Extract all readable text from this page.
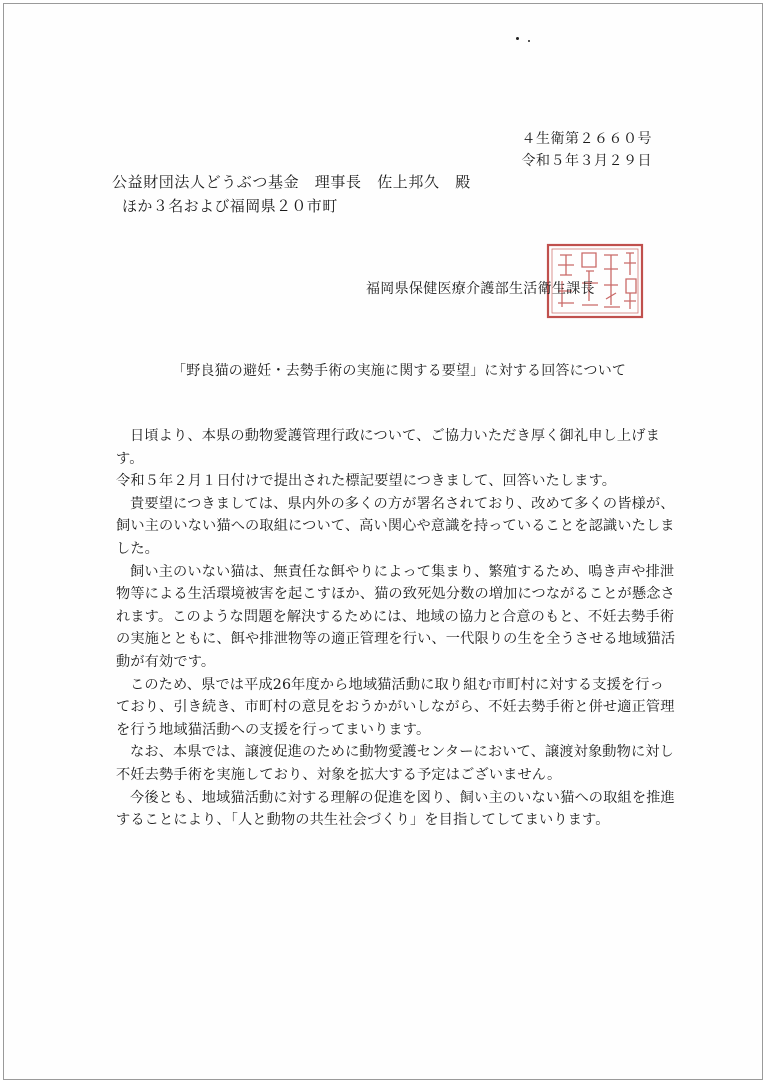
４生衛第２６６０号
令和５年３月２９日
公益財団法人どうぶつ基金　理事長　佐上邦久　殿
ほか３名および福岡県２０市町
福岡県保健医療介護部生活衛生課長
「野良猫の避妊・去勢手術の実施に関する要望」に対する回答について

日頃より、本県の動物愛護管理行政について、ご協力いただき厚く御礼申し上げます。

令和５年２月１日付けで提出された標記要望につきまして、回答いたします。

貴要望につきましては、県内外の多くの方が署名されており、改めて多くの皆様が、飼い主のいない猫への取組について、高い関心や意識を持っていることを認識いたしました。

飼い主のいない猫は、無責任な餌やりによって集まり、繁殖するため、鳴き声や排泄物等による生活環境被害を起こすほか、猫の致死処分数の増加につながることが懸念されます。このような問題を解決するためには、地域の協力と合意のもと、不妊去勢手術の実施とともに、餌や排泄物等の適正管理を行い、一代限りの生を全うさせる地域猫活動が有効です。

このため、県では平成26年度から地域猫活動に取り組む市町村に対する支援を行っており、引き続き、市町村の意見をおうかがいしながら、不妊去勢手術と併せ適正管理を行う地域猫活動への支援を行ってまいります。

なお、本県では、譲渡促進のために動物愛護センターにおいて、譲渡対象動物に対し不妊去勢手術を実施しており、対象を拡大する予定はございません。

今後とも、地域猫活動に対する理解の促進を図り、飼い主のいない猫への取組を推進することにより、「人と動物の共生社会づくり」を目指してしてまいります。
